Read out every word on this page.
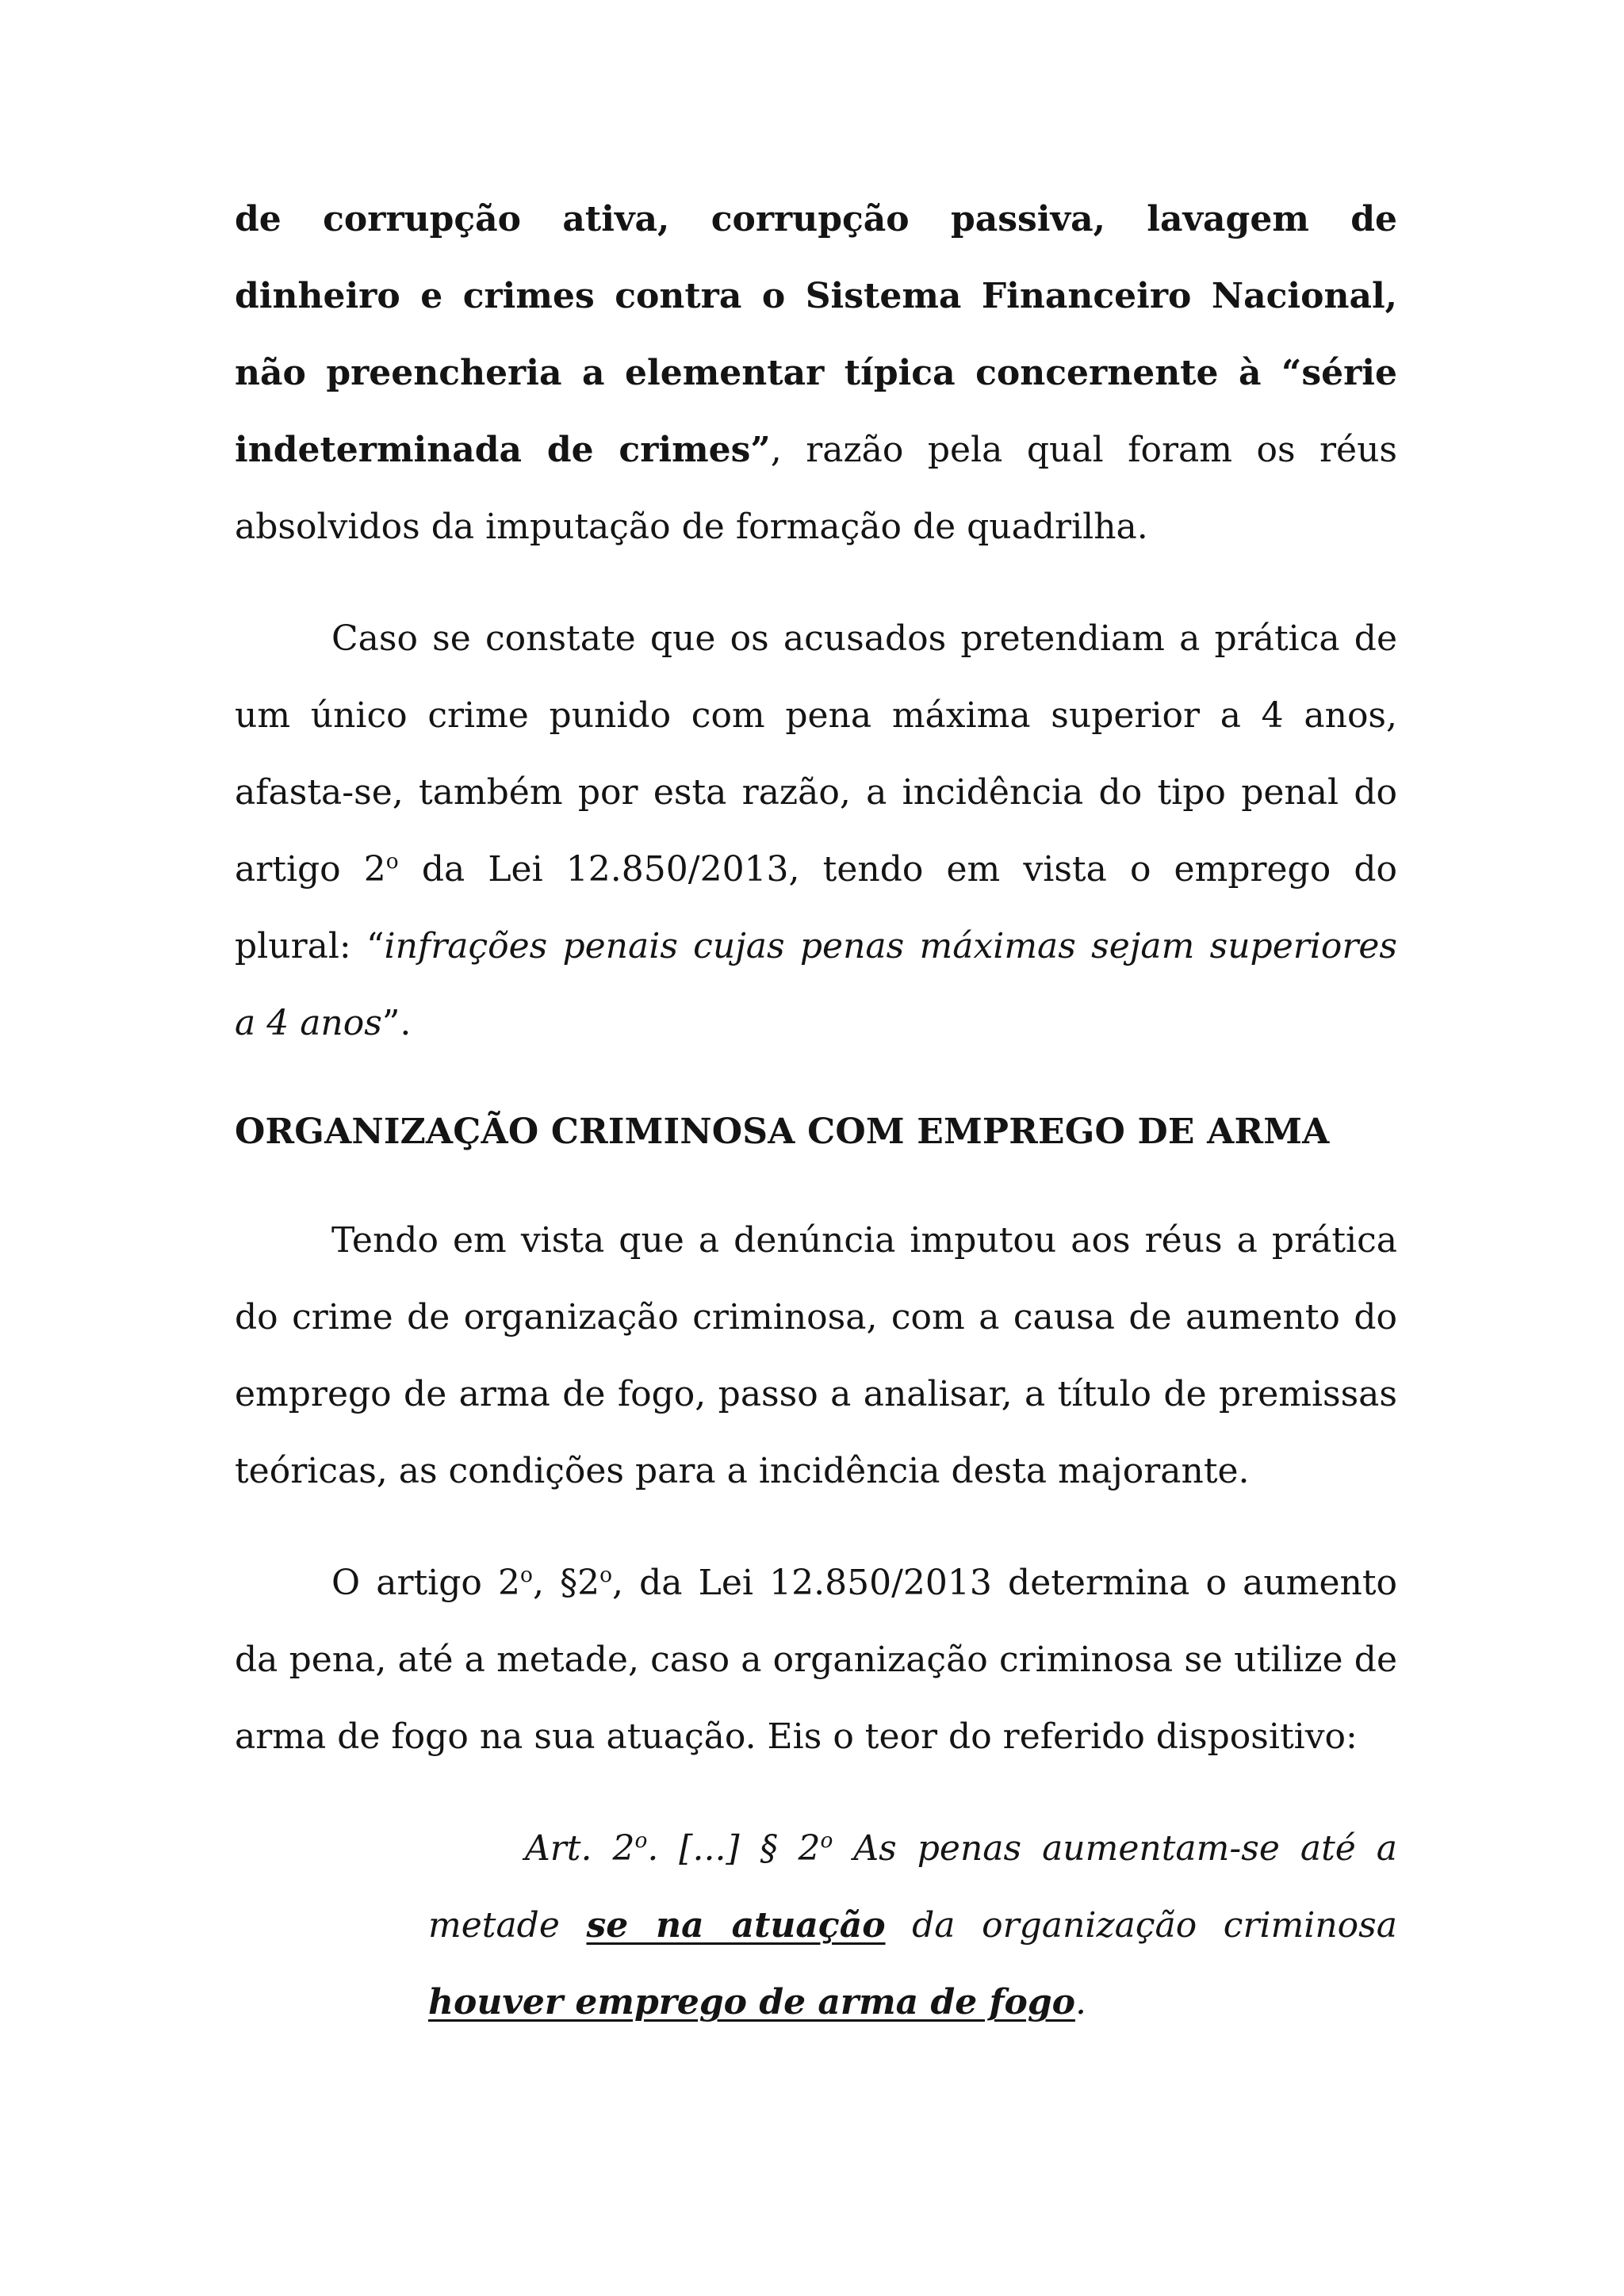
de corrupção ativa, corrupção passiva, lavagem de dinheiro e crimes contra o Sistema Financeiro Nacional, não preencheria a elementar típica concernente à “série indeterminada de crimes”, razão pela qual foram os réus absolvidos da imputação de formação de quadrilha.

Caso se constate que os acusados pretendiam a prática de um único crime punido com pena máxima superior a 4 anos, afasta-se, também por esta razão, a incidência do tipo penal do artigo 2$^o$ da Lei 12.850/2013, tendo em vista o emprego do plural: “infrações penais cujas penas máximas sejam superiores a 4 anos”.

ORGANIZAÇÃO CRIMINOSA COM EMPREGO DE ARMA

Tendo em vista que a denúncia imputou aos réus a prática do crime de organização criminosa, com a causa de aumento do emprego de arma de fogo, passo a analisar, a título de premissas teóricas, as condições para a incidência desta majorante.

O artigo 2$^o$, §2$^o$, da Lei 12.850/2013 determina o aumento da pena, até a metade, caso a organização criminosa se utilize de arma de fogo na sua atuação. Eis o teor do referido dispositivo:

Art. 2$^o$. [...] § 2$^o$ As penas aumentam-se até a metade se na atuação da organização criminosa houver emprego de arma de fogo.
